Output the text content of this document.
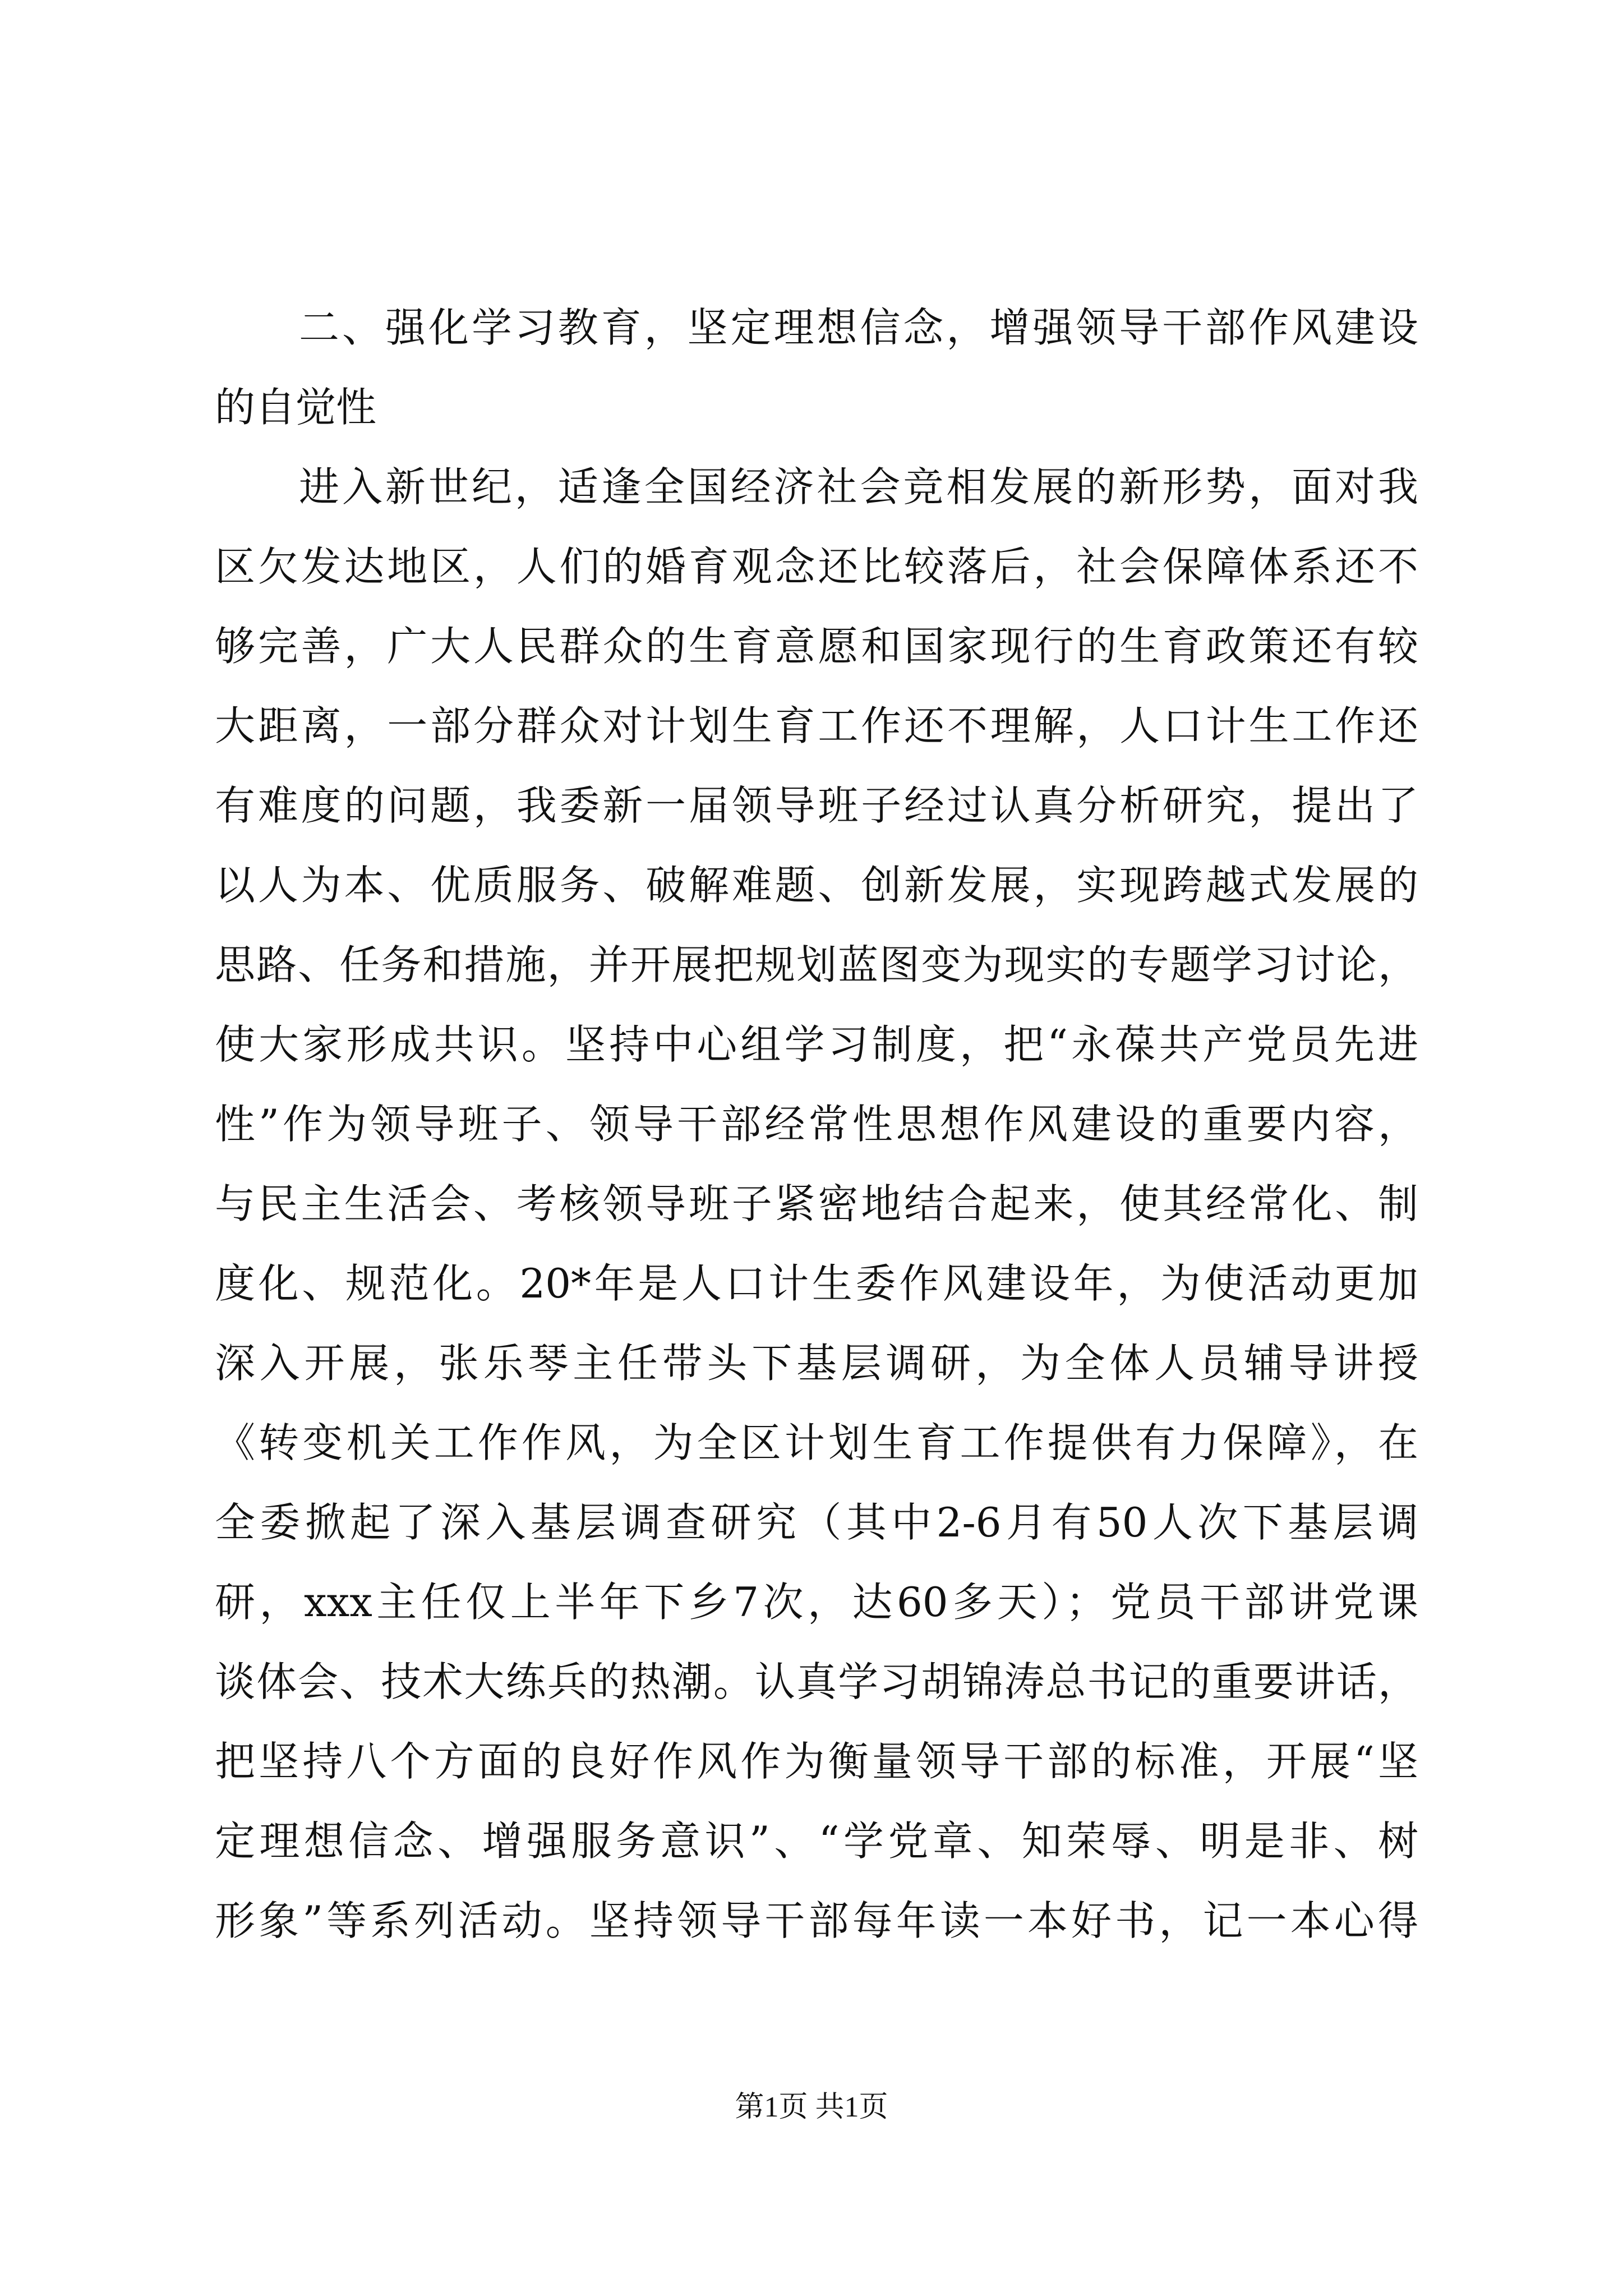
二、强化学习教育，坚定理想信念，增强领导干部作风建设
的自觉性
进入新世纪，适逢全国经济社会竞相发展的新形势，面对我
区欠发达地区，人们的婚育观念还比较落后，社会保障体系还不
够完善，广大人民群众的生育意愿和国家现行的生育政策还有较
大距离，一部分群众对计划生育工作还不理解，人口计生工作还
有难度的问题，我委新一届领导班子经过认真分析研究，提出了
以人为本、优质服务、破解难题、创新发展，实现跨越式发展的
思路、任务和措施，并开展把规划蓝图变为现实的专题学习讨论，
使大家形成共识。坚持中心组学习制度，把“永葆共产党员先进
性”作为领导班子、领导干部经常性思想作风建设的重要内容，
与民主生活会、考核领导班子紧密地结合起来，使其经常化、制
度化、规范化。20*年是人口计生委作风建设年，为使活动更加
深入开展，张乐琴主任带头下基层调研，为全体人员辅导讲授
《转变机关工作作风，为全区计划生育工作提供有力保障》，在
全委掀起了深入基层调查研究（其中2-6月有50人次下基层调
研，xxx主任仅上半年下乡7次，达60多天）；党员干部讲党课
谈体会、技术大练兵的热潮。认真学习胡锦涛总书记的重要讲话，
把坚持八个方面的良好作风作为衡量领导干部的标准，开展“坚
定理想信念、增强服务意识”、“学党章、知荣辱、明是非、树
形象”等系列活动。坚持领导干部每年读一本好书，记一本心得
第1页 共1页
